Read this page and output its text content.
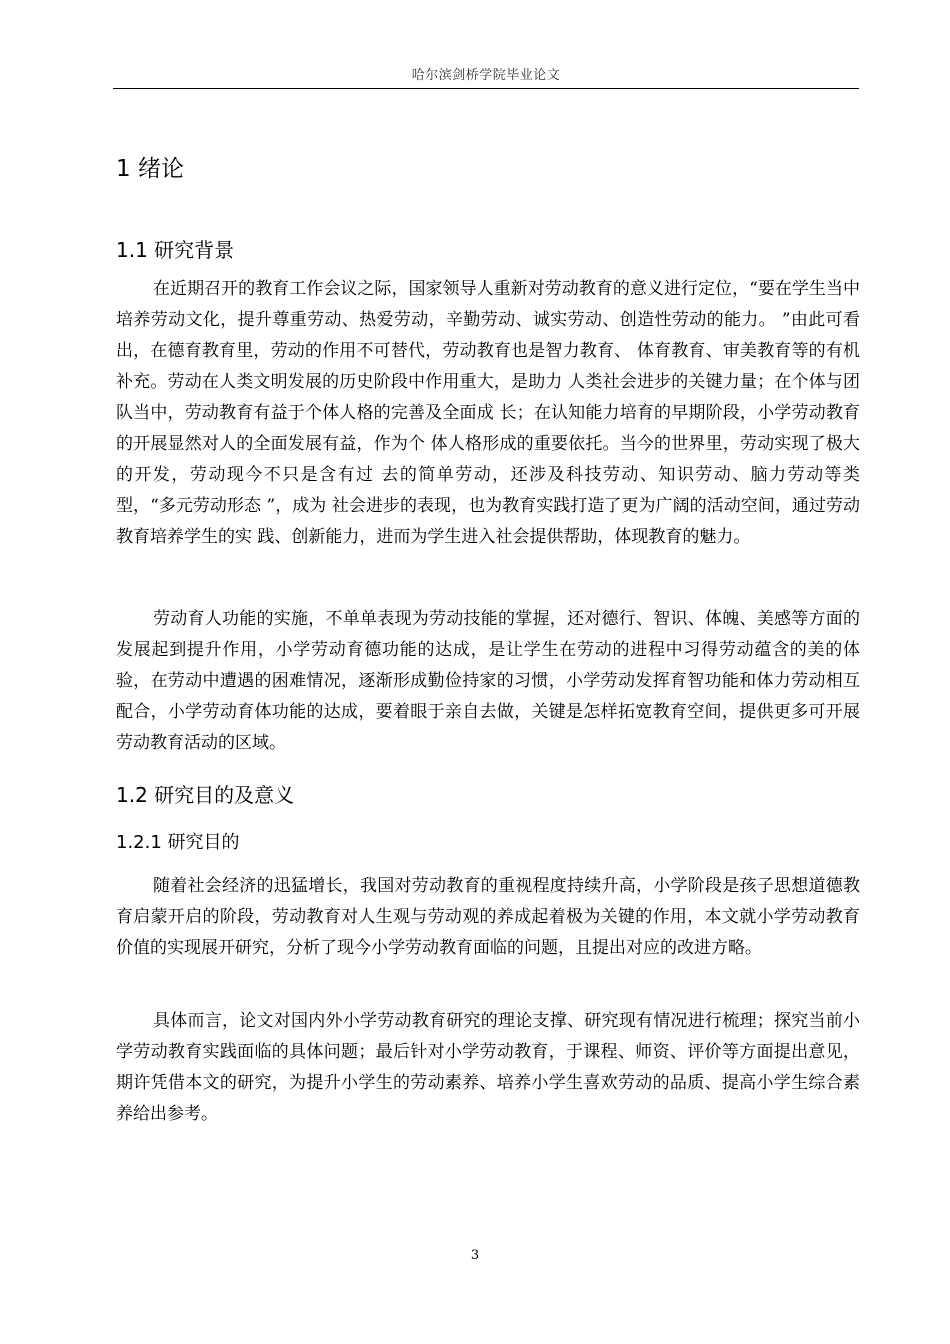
哈尔滨剑桥学院毕业论文
1 绪论
1.1 研究背景

在近期召开的教育工作会议之际，国家领导人重新对劳动教育的意义进行定位，“要在学生当中培养劳动文化，提升尊重劳动、热爱劳动，辛勤劳动、诚实劳动、创造性劳动的能力。 ”由此可看出，在德育教育里，劳动的作用不可替代，劳动教育也是智力教育、 体育教育、审美教育等的有机补充。劳动在人类文明发展的历史阶段中作用重大，是助力 人类社会进步的关键力量；在个体与团队当中，劳动教育有益于个体人格的完善及全面成 长；在认知能力培育的早期阶段，小学劳动教育的开展显然对人的全面发展有益，作为个 体人格形成的重要依托。当今的世界里，劳动实现了极大的开发，劳动现今不只是含有过 去的简单劳动，还涉及科技劳动、知识劳动、脑力劳动等类型，“多元劳动形态 ”，成为 社会进步的表现，也为教育实践打造了更为广阔的活动空间，通过劳动教育培养学生的实 践、创新能力，进而为学生进入社会提供帮助，体现教育的魅力。

劳动育人功能的实施，不单单表现为劳动技能的掌握，还对德行、智识、体魄、美感等方面的发展起到提升作用，小学劳动育德功能的达成，是让学生在劳动的进程中习得劳动蕴含的美的体验，在劳动中遭遇的困难情况，逐渐形成勤俭持家的习惯，小学劳动发挥育智功能和体力劳动相互配合，小学劳动育体功能的达成，要着眼于亲自去做，关键是怎样拓宽教育空间，提供更多可开展劳动教育活动的区域。

1.2 研究目的及意义
1.2.1 研究目的

随着社会经济的迅猛增长，我国对劳动教育的重视程度持续升高，小学阶段是孩子思想道德教育启蒙开启的阶段，劳动教育对人生观与劳动观的养成起着极为关键的作用，本文就小学劳动教育价值的实现展开研究，分析了现今小学劳动教育面临的问题，且提出对应的改进方略。

具体而言，论文对国内外小学劳动教育研究的理论支撑、研究现有情况进行梳理；探究当前小学劳动教育实践面临的具体问题；最后针对小学劳动教育，于课程、师资、评价等方面提出意见，期许凭借本文的研究，为提升小学生的劳动素养、培养小学生喜欢劳动的品质、提高小学生综合素养给出参考。

3
